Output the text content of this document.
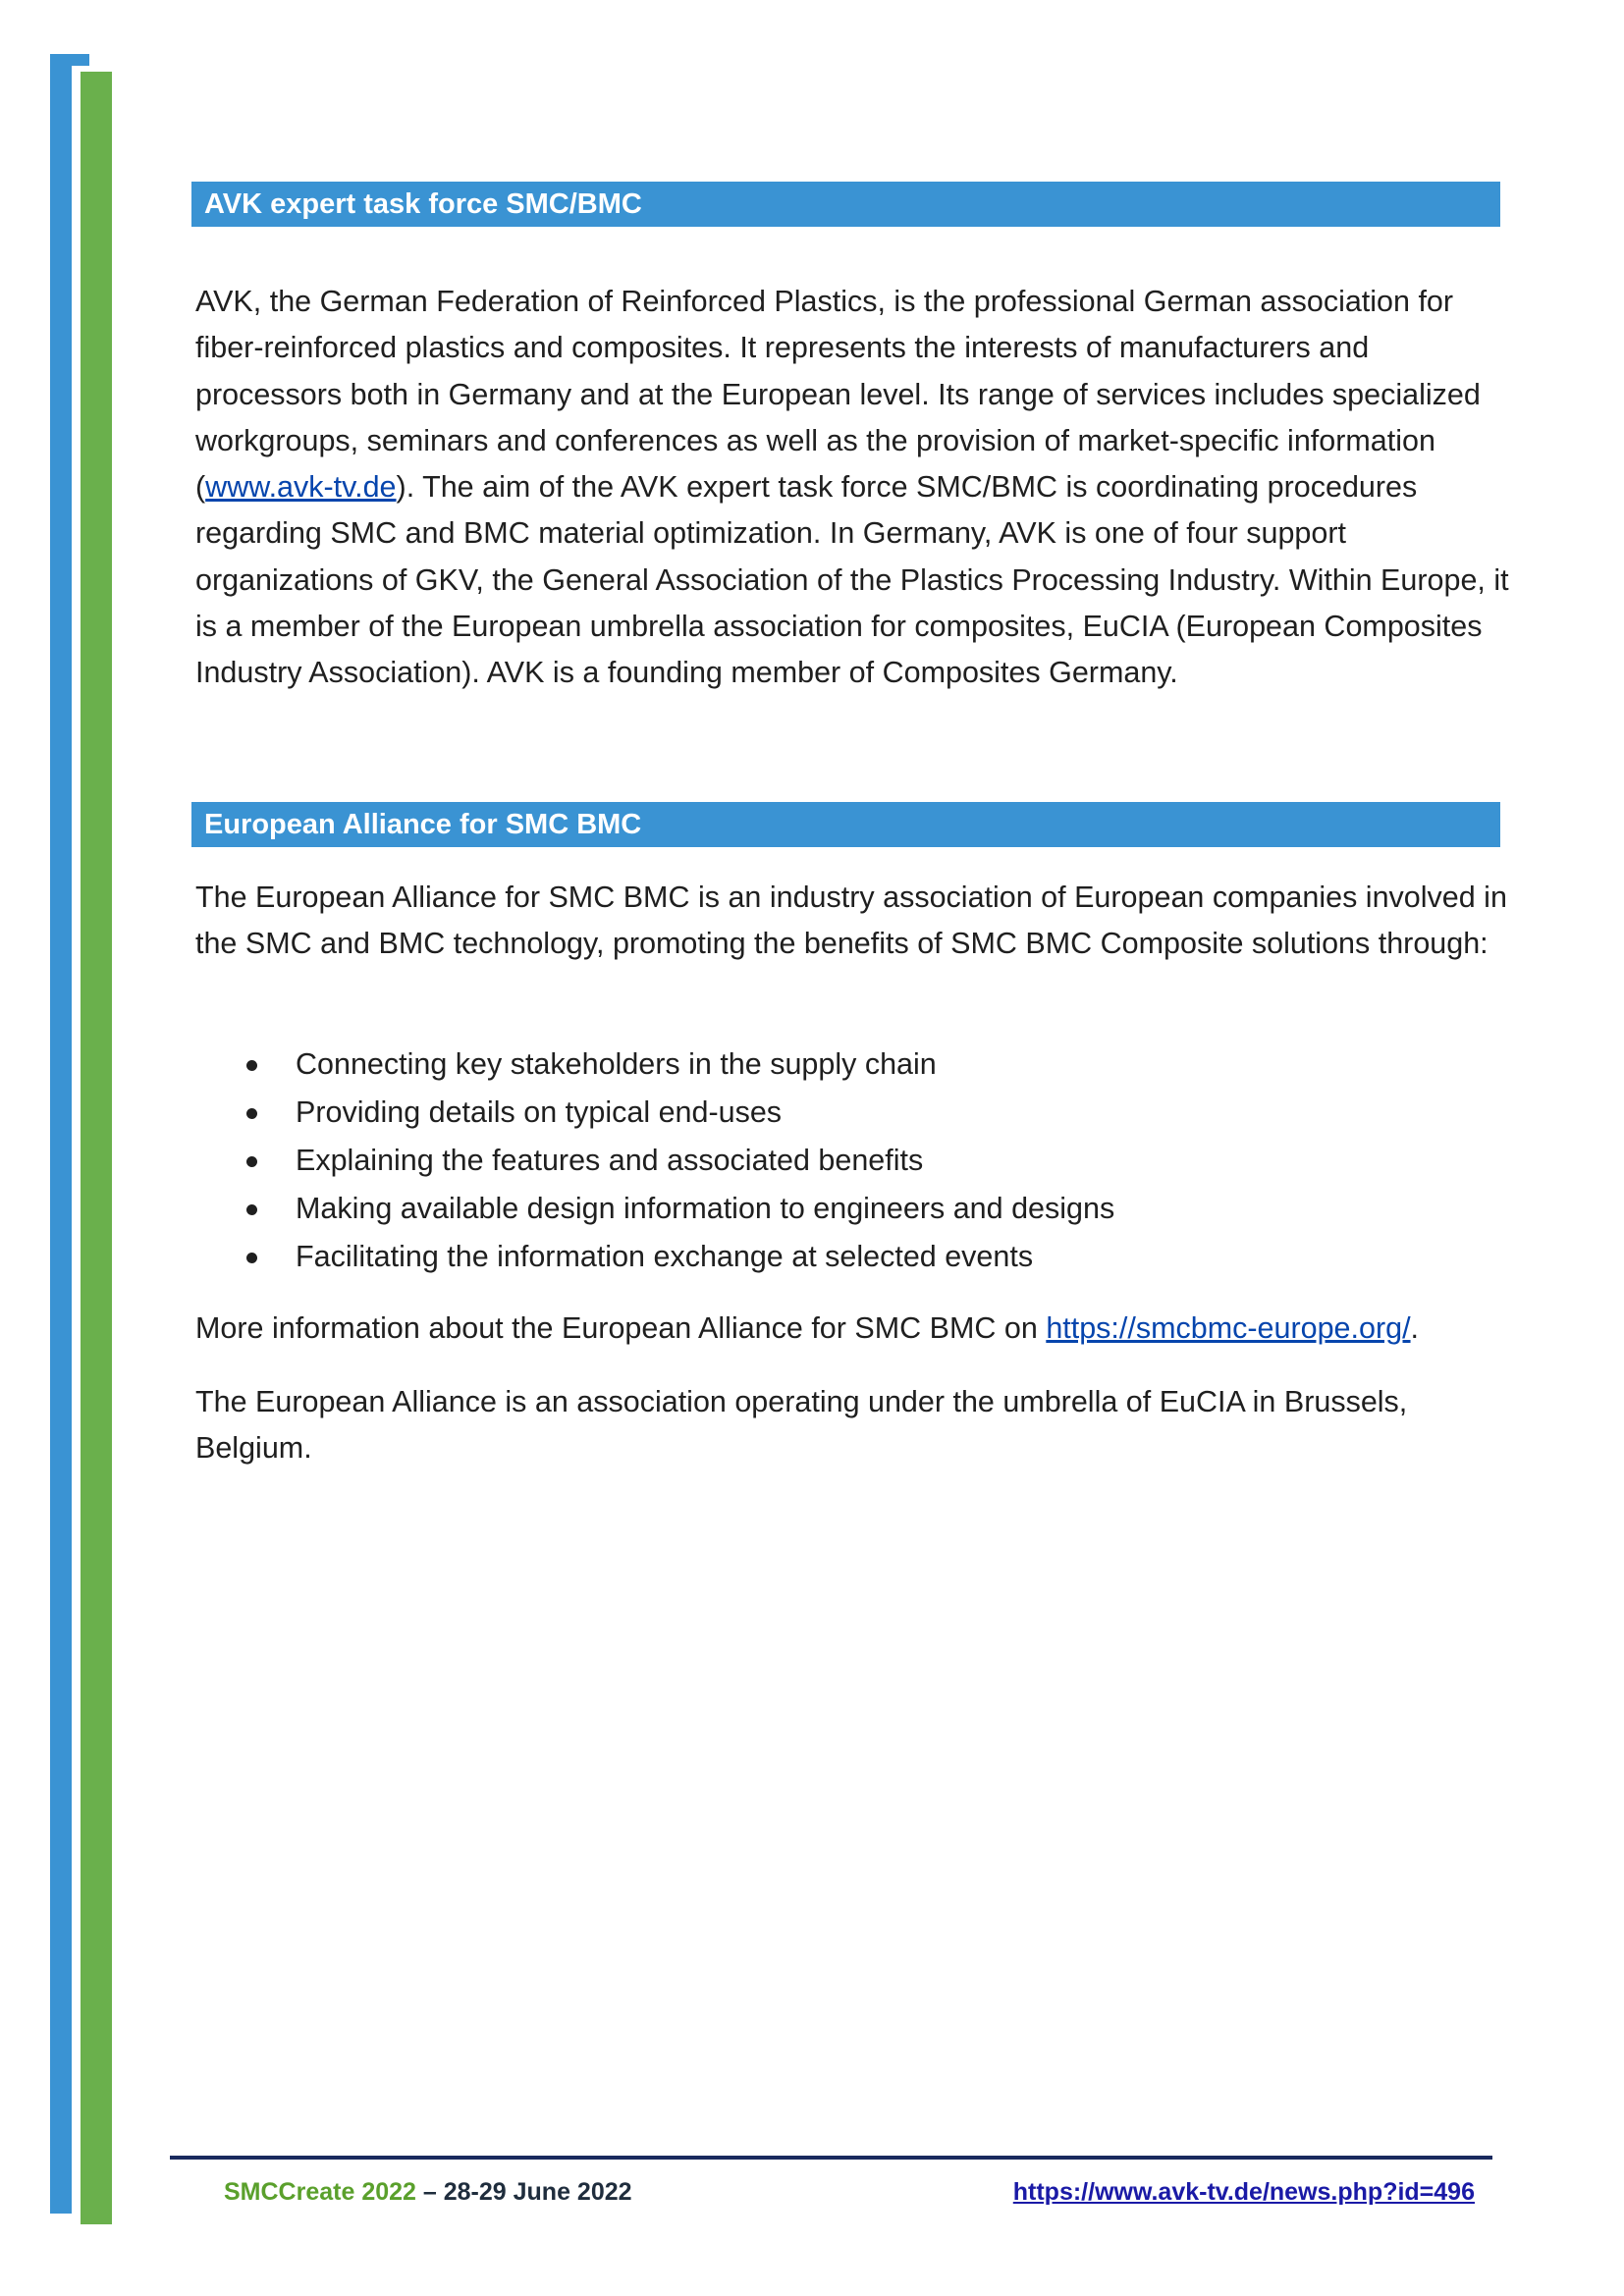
AVK expert task force SMC/BMC

AVK, the German Federation of Reinforced Plastics, is the professional German association for fiber-reinforced plastics and composites. It represents the interests of manufacturers and processors both in Germany and at the European level. Its range of services includes specialized workgroups, seminars and conferences as well as the provision of market-specific information (www.avk-tv.de). The aim of the AVK expert task force SMC/BMC is coordinating procedures regarding SMC and BMC material optimization. In Germany, AVK is one of four support organizations of GKV, the General Association of the Plastics Processing Industry. Within Europe, it is a member of the European umbrella association for composites, EuCIA (European Composites Industry Association). AVK is a founding member of Composites Germany.

European Alliance for SMC BMC

The European Alliance for SMC BMC is an industry association of European companies involved in the SMC and BMC technology, promoting the benefits of SMC BMC Composite solutions through:

Connecting key stakeholders in the supply chain
Providing details on typical end-uses
Explaining the features and associated benefits
Making available design information to engineers and designs
Facilitating the information exchange at selected events

More information about the European Alliance for SMC BMC on https://smcbmc-europe.org/.

The European Alliance is an association operating under the umbrella of EuCIA in Brussels, Belgium.

SMCCreate 2022 – 28-29 June 2022	https://www.avk-tv.de/news.php?id=496
